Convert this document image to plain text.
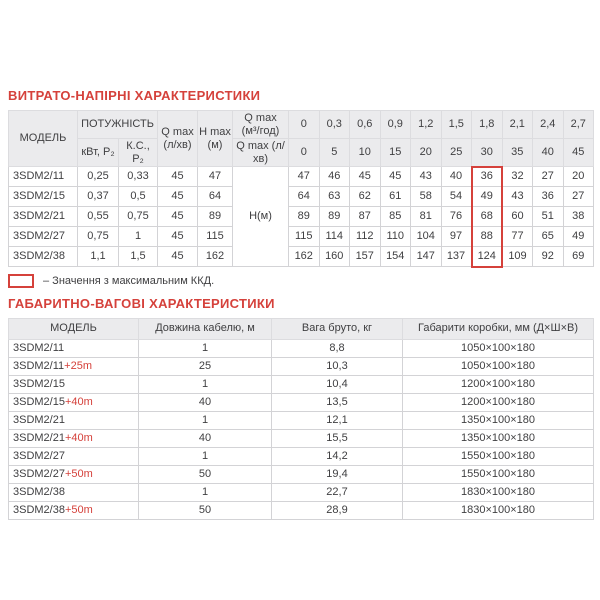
ВИТРАТО-НАПІРНІ ХАРАКТЕРИСТИКИ
МОДЕЛЬ	ПОТУЖНІСТЬ		Q max (л/хв)	H max (м)	Q max (м³/год)	0	0,3	0,6	0,9	1,2	1,5	1,8	2,1	2,4	2,7
	кВт, Р₂	К.С., Р₂			Q max (л/хв)	0	5	10	15	20	25	30	35	40	45
3SDM2/11	0,25	0,33	45	47	Н(м)	47	46	45	45	43	40	36	32	27	20
3SDM2/15	0,37	0,5	45	64		64	63	62	61	58	54	49	43	36	27
3SDM2/21	0,55	0,75	45	89		89	89	87	85	81	76	68	60	51	38
3SDM2/27	0,75	1	45	115		115	114	112	110	104	97	88	77	65	49
3SDM2/38	1,1	1,5	45	162		162	160	157	154	147	137	124	109	92	69
– Значення з максимальним ККД.
ГАБАРИТНО-ВАГОВІ ХАРАКТЕРИСТИКИ
МОДЕЛЬ	Довжина кабелю, м	Вага бруто, кг	Габарити коробки, мм (Д×Ш×В)
3SDM2/11	1	8,8	1050×100×180
3SDM2/11+25m	25	10,3	1050×100×180
3SDM2/15	1	10,4	1200×100×180
3SDM2/15+40m	40	13,5	1200×100×180
3SDM2/21	1	12,1	1350×100×180
3SDM2/21+40m	40	15,5	1350×100×180
3SDM2/27	1	14,2	1550×100×180
3SDM2/27+50m	50	19,4	1550×100×180
3SDM2/38	1	22,7	1830×100×180
3SDM2/38+50m	50	28,9	1830×100×180
